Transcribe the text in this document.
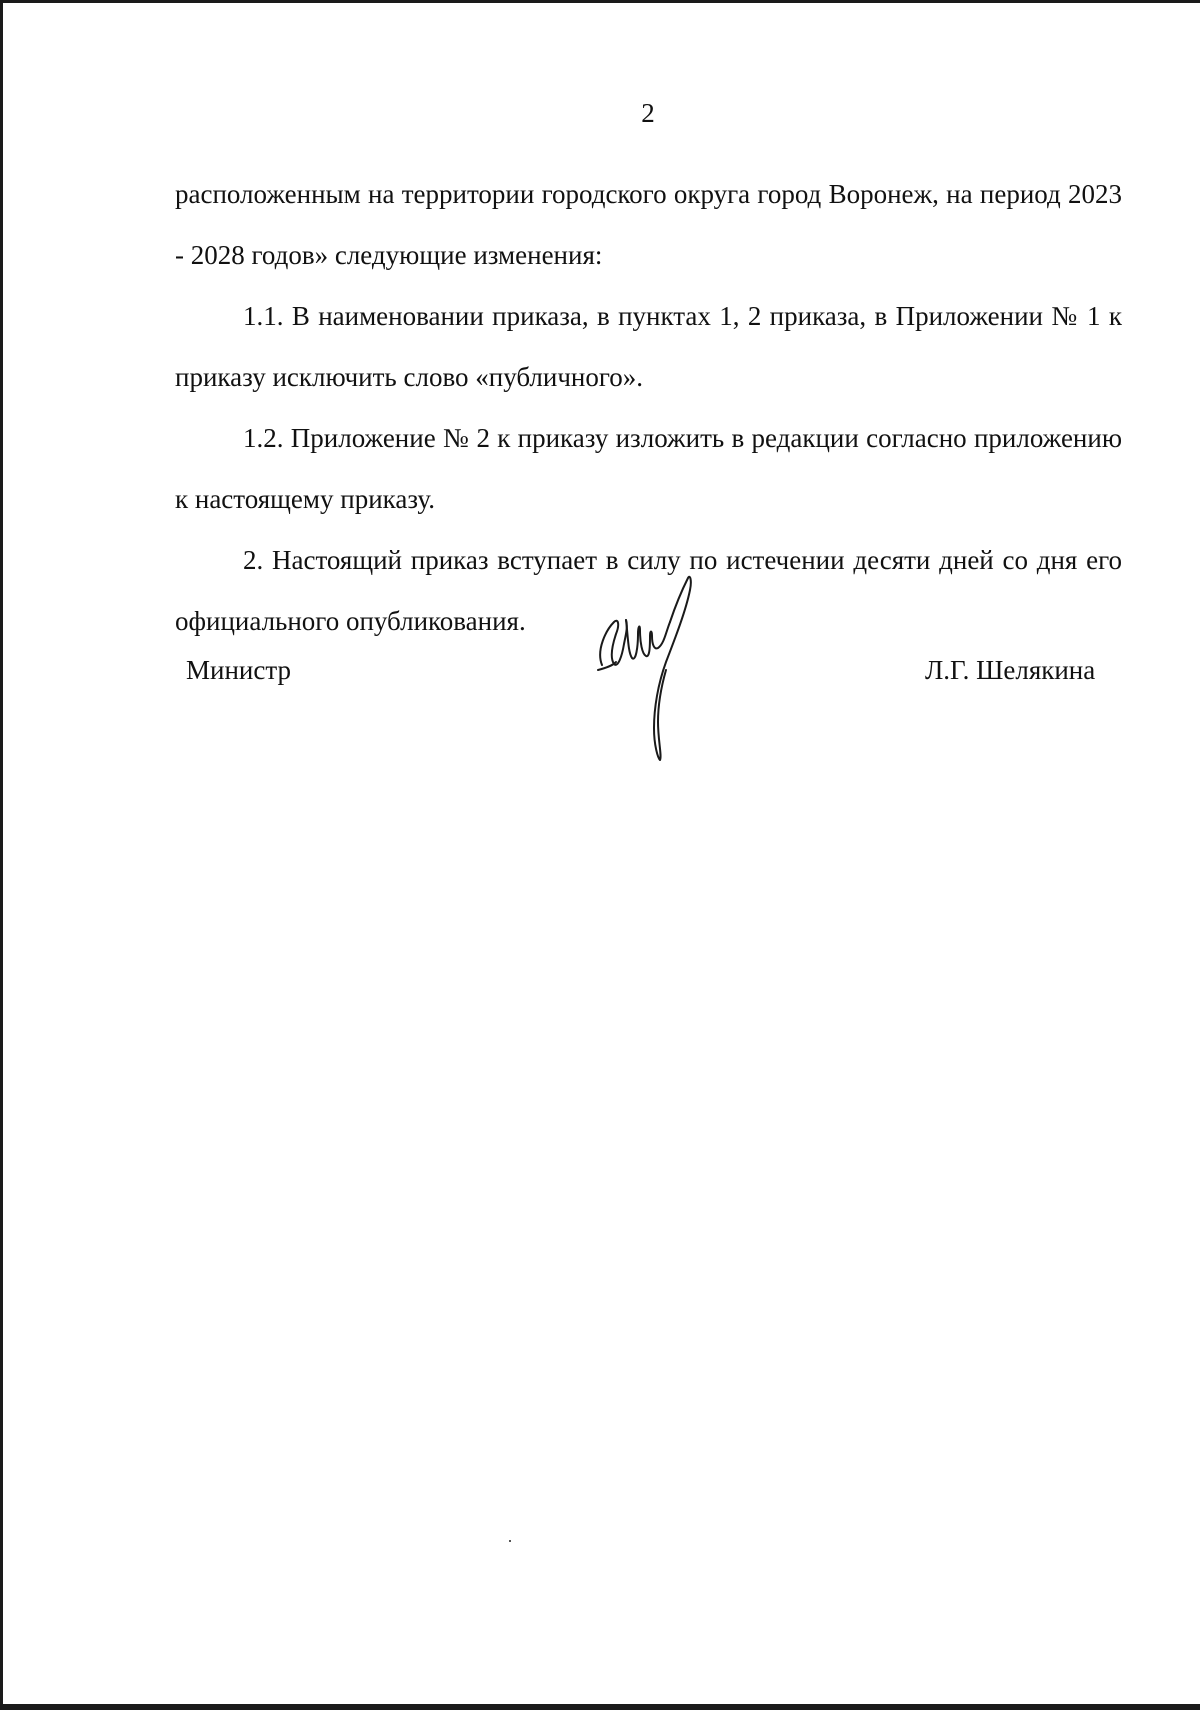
2

расположенным на территории городского округа город Воронеж, на период 2023 - 2028 годов» следующие изменения:

1.1. В наименовании приказа, в пунктах 1, 2 приказа, в Приложении № 1 к приказу исключить слово «публичного».

1.2. Приложение № 2 к приказу изложить в редакции согласно приложению к настоящему приказу.

2. Настоящий приказ вступает в силу по истечении десяти дней со дня его официального опубликования.

Министр	Л.Г. Шелякина
